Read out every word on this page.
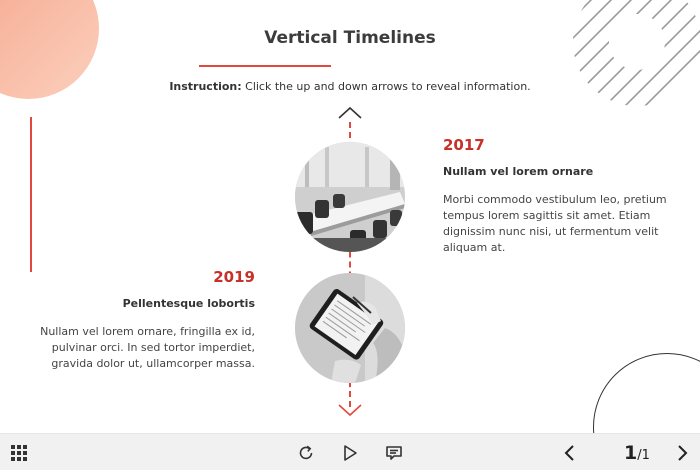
Vertical Timelines
Instruction: Click the up and down arrows to reveal information.
2017
Nullam vel lorem ornare
Morbi commodo vestibulum leo, pretium tempus lorem sagittis sit amet. Etiam dignissim nunc nisi, ut fermentum velit aliquam at.
2019
Pellentesque lobortis
Nullam vel lorem ornare, fringilla ex id, pulvinar orci. In sed tortor imperdiet, gravida dolor ut, ullamcorper massa.
1 /1
